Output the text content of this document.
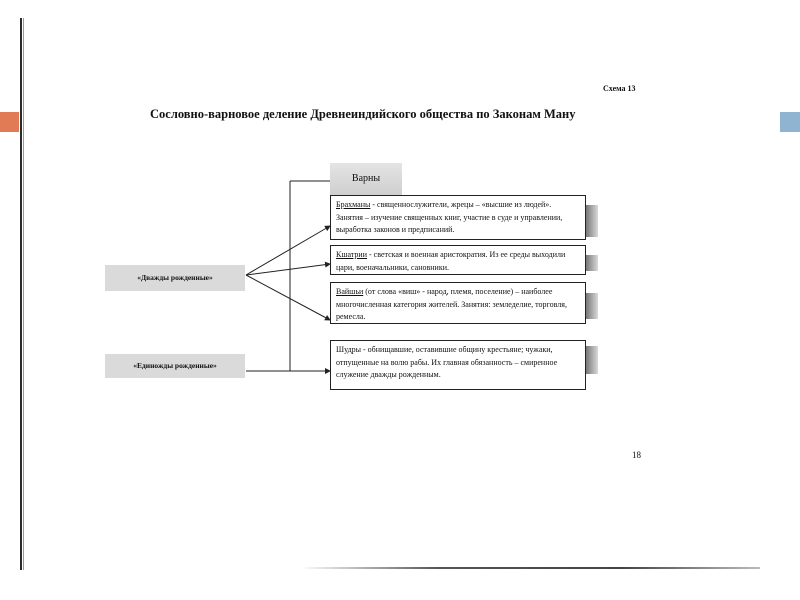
Схема 13
Сословно-варновое деление Древнеиндийского общества по Законам Ману
Варны
«Дважды рожденные»
«Единожды рожденные»
Брахманы - священнослужители, жрецы – «высшие из людей». Занятия – изучение священных книг, участие в суде и управлении, выработка законов и предписаний.
Кшатрии - светская и военная аристократия. Из ее среды выходили цари, военачальники, сановники.
Вайшьи (от слова «виш» - народ, племя, поселение) – наиболее многочисленная категория жителей. Занятия: земледелие, торговля, ремесла.
Шудры - обнищавшие, оставившие общину крестьяне; чужаки, отпущенные на волю рабы. Их главная обязанность – смиренное служение дважды рожденным.
18
